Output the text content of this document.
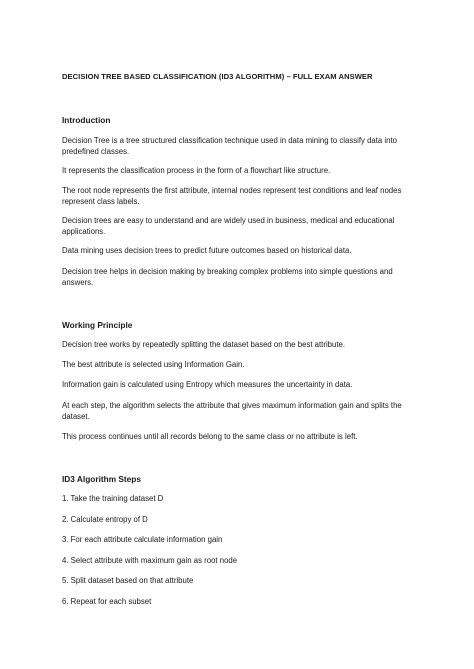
DECISION TREE BASED CLASSIFICATION (ID3 ALGORITHM) – FULL EXAM ANSWER
Introduction
Decision Tree is a tree structured classification technique used in data mining to classify data into predefined classes.
It represents the classification process in the form of a flowchart like structure.
The root node represents the first attribute, internal nodes represent test conditions and leaf nodes represent class labels.
Decision trees are easy to understand and are widely used in business, medical and educational applications.
Data mining uses decision trees to predict future outcomes based on historical data.
Decision tree helps in decision making by breaking complex problems into simple questions and answers.
Working Principle
Decision tree works by repeatedly splitting the dataset based on the best attribute.
The best attribute is selected using Information Gain.
Information gain is calculated using Entropy which measures the uncertainty in data.
At each step, the algorithm selects the attribute that gives maximum information gain and splits the dataset.
This process continues until all records belong to the same class or no attribute is left.
ID3 Algorithm Steps
1. Take the training dataset D
2. Calculate entropy of D
3. For each attribute calculate information gain
4. Select attribute with maximum gain as root node
5. Split dataset based on that attribute
6. Repeat for each subset
